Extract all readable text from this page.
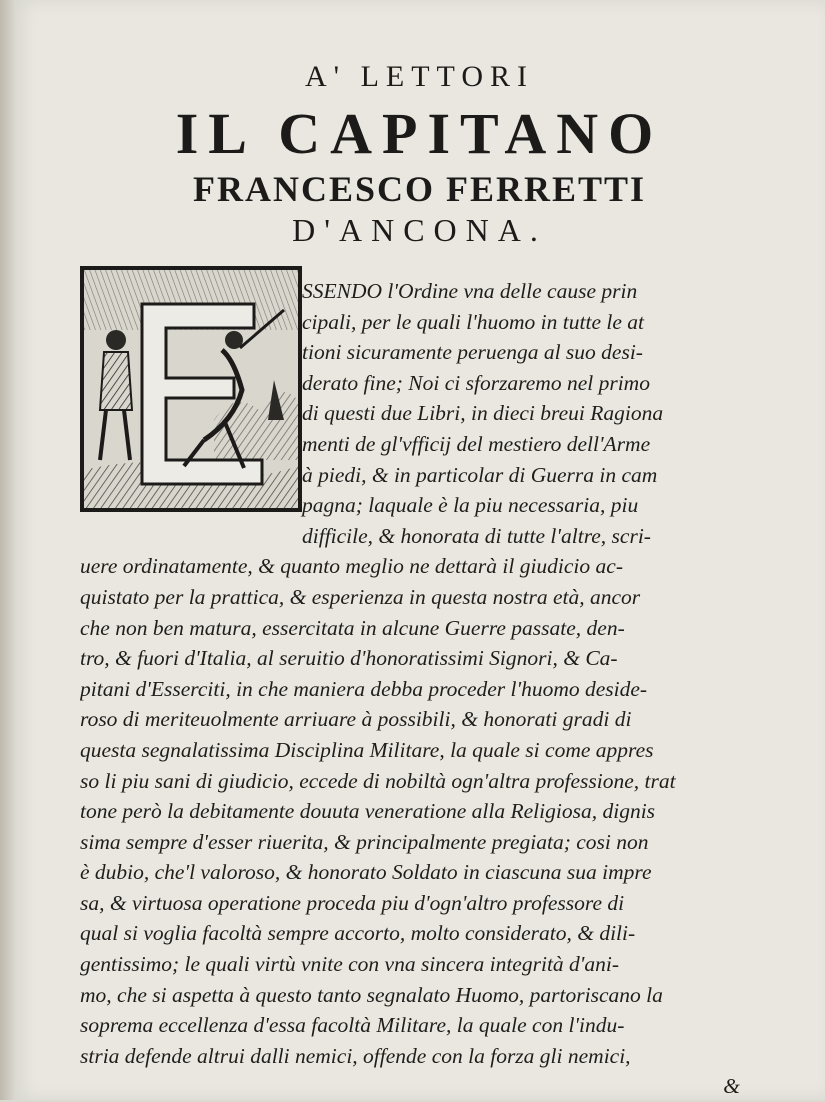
A' LETTORI
IL CAPITANO
FRANCESCO FERRETTI
D'ANCONA.
SSENDO l'Ordine vna delle cause prin
cipali, per le quali l'huomo in tutte le at
tioni sicuramente peruenga al suo desi-
derato fine; Noi ci sforzaremo nel primo
di questi due Libri, in dieci breui Ragiona
menti de gl'vfficij del mestiero dell'Arme
à piedi, & in particolar di Guerra in cam
pagna; laquale è la piu necessaria, piu
difficile, & honorata di tutte l'altre, scri-
uere ordinatamente, & quanto meglio ne dettarà il giudicio ac-
quistato per la prattica, & esperienza in questa nostra età, ancor
che non ben matura, essercitata in alcune Guerre passate, den-
tro, & fuori d'Italia, al seruitio d'honoratissimi Signori, & Ca-
pitani d'Esserciti, in che maniera debba proceder l'huomo deside-
roso di meriteuolmente arriuare à possibili, & honorati gradi di
questa segnalatissima Disciplina Militare, la quale si come appres
so li piu sani di giudicio, eccede di nobiltà ogn'altra professione, trat
tone però la debitamente douuta veneratione alla Religiosa, dignis
sima sempre d'esser riuerita, & principalmente pregiata; cosi non
è dubio, che'l valoroso, & honorato Soldato in ciascuna sua impre
sa, & virtuosa operatione proceda piu d'ogn'altro professore di
qual si voglia facoltà sempre accorto, molto considerato, & dili-
gentissimo; le quali virtù vnite con vna sincera integrità d'ani-
mo, che si aspetta à questo tanto segnalato Huomo, partoriscano la
soprema eccellenza d'essa facoltà Militare, la quale con l'indu-
stria defende altrui dalli nemici, offende con la forza gli nemici,
&
